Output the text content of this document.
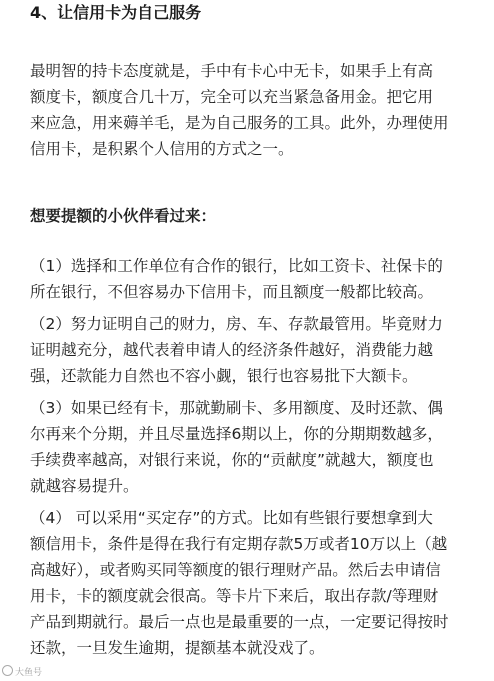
4、让信用卡为自己服务

最明智的持卡态度就是，手中有卡心中无卡，如果手上有高
额度卡，额度合几十万，完全可以充当紧急备用金。把它用
来应急，用来薅羊毛，是为自己服务的工具。此外，办理使用
信用卡，是积累个人信用的方式之一。

想要提额的小伙伴看过来：

（1）选择和工作单位有合作的银行，比如工资卡、社保卡的
所在银行，不但容易办下信用卡，而且额度一般都比较高。

（2）努力证明自己的财力，房、车、存款最管用。毕竟财力
证明越充分，越代表着申请人的经济条件越好，消费能力越
强，还款能力自然也不容小觑，银行也容易批下大额卡。

（3）如果已经有卡，那就勤刷卡、多用额度、及时还款、偶
尔再来个分期，并且尽量选择6期以上，你的分期期数越多，
手续费率越高，对银行来说，你的“贡献度”就越大，额度也
就越容易提升。

（4） 可以采用“买定存”的方式。比如有些银行要想拿到大
额信用卡，条件是得在我行有定期存款5万或者10万以上（越
高越好），或者购买同等额度的银行理财产品。然后去申请信
用卡，卡的额度就会很高。等卡片下来后，取出存款/等理财
产品到期就行。最后一点也是最重要的一点，一定要记得按时
还款，一旦发生逾期，提额基本就没戏了。

大鱼号
